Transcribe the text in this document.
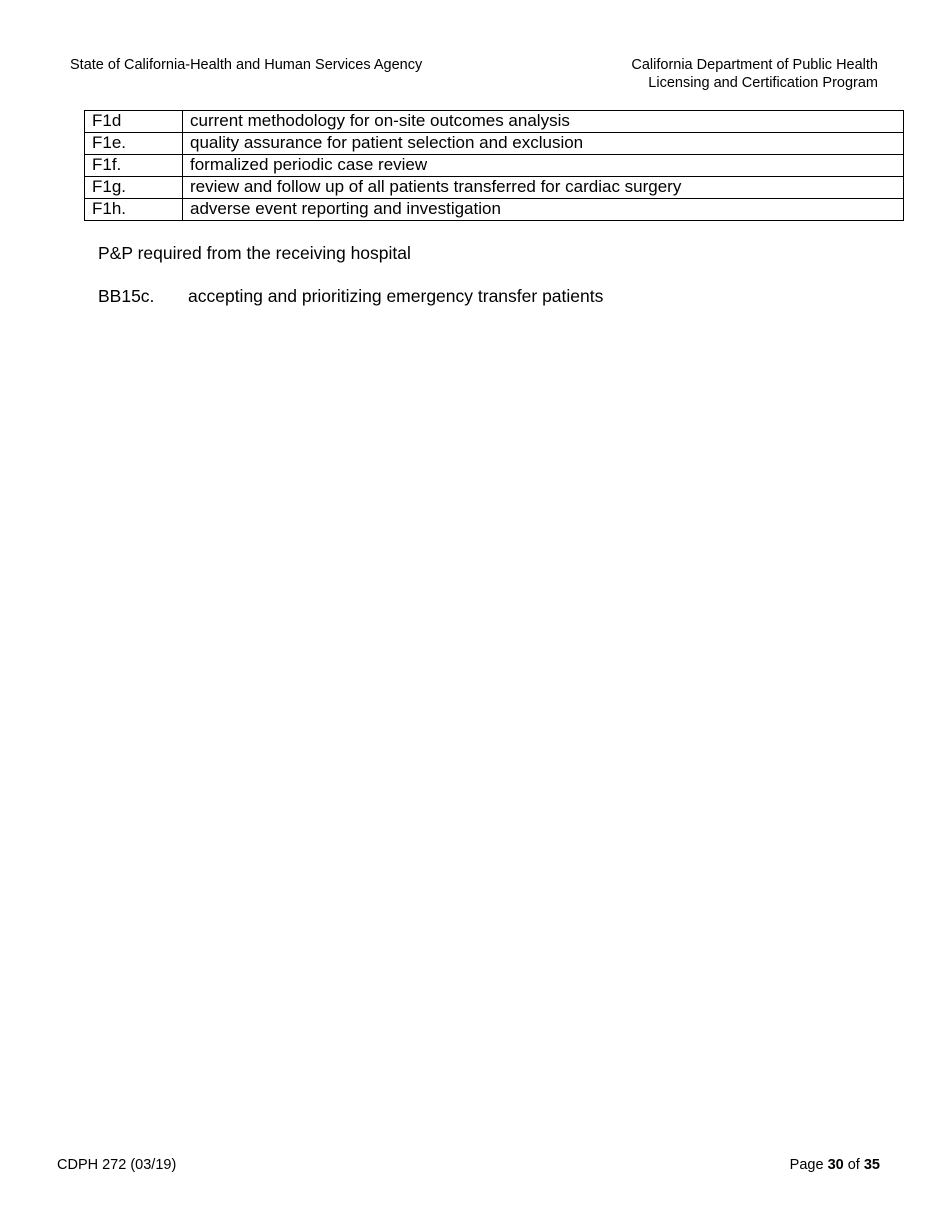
State of California-Health and Human Services Agency	California Department of Public Health
Licensing and Certification Program
F1d	current methodology for on-site outcomes analysis
F1e.	quality assurance for patient selection and exclusion
F1f.	formalized periodic case review
F1g.	review and follow up of all patients transferred for cardiac surgery
F1h.	adverse event reporting and investigation
P&P required from the receiving hospital
BB15c. accepting and prioritizing emergency transfer patients
CDPH 272 (03/19)	Page 30 of 35
